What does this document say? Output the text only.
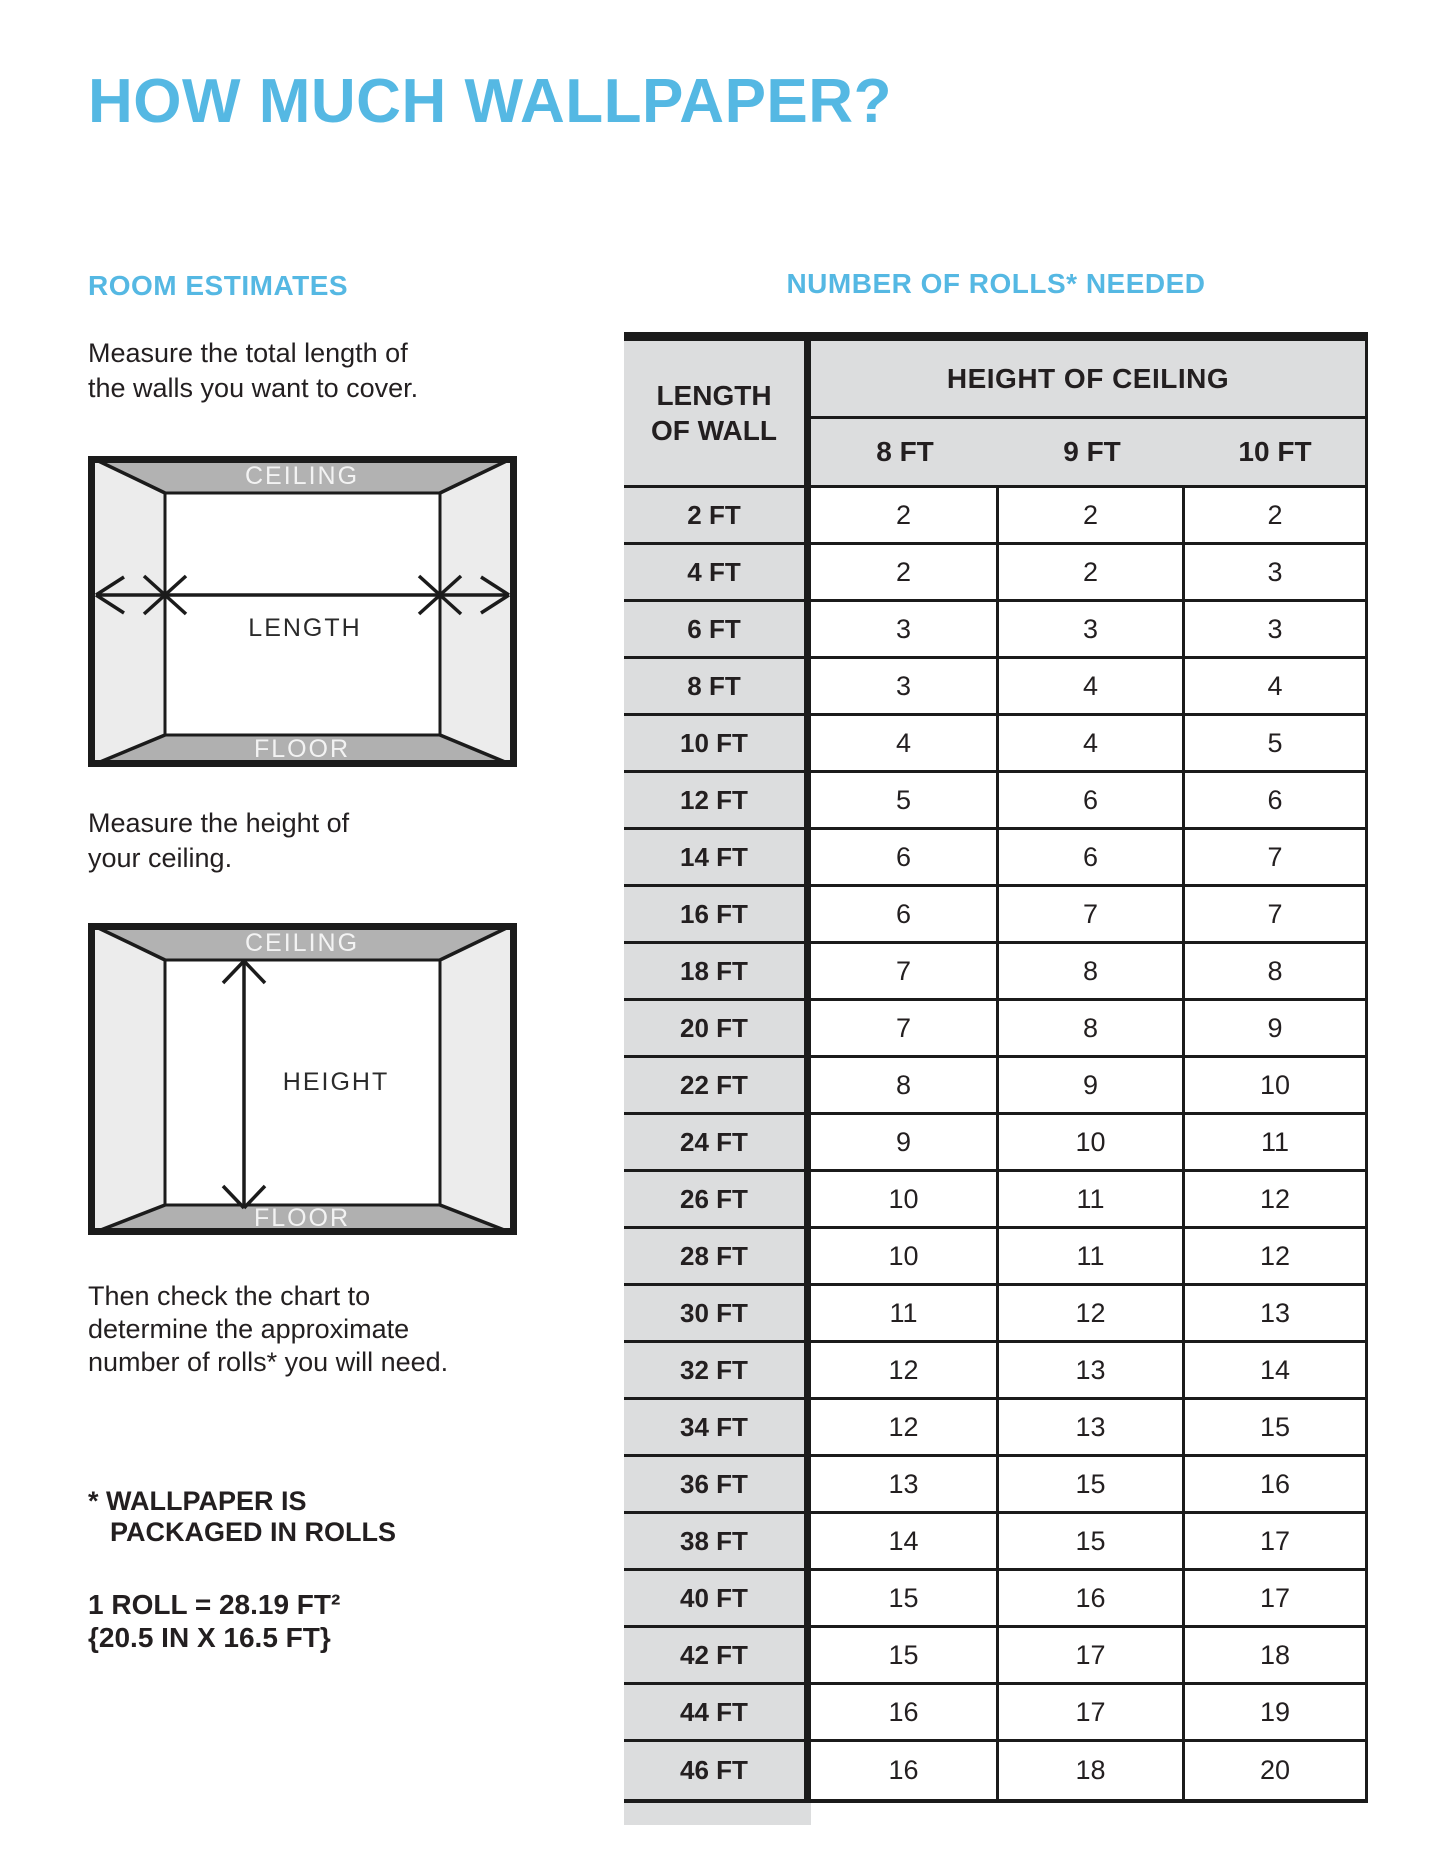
HOW MUCH WALLPAPER?
ROOM ESTIMATES
Measure the total length of
the walls you want to cover.
CEILING
FLOOR
LENGTH
Measure the height of
your ceiling.
CEILING
FLOOR
HEIGHT
Then check the chart to
determine the approximate
number of rolls* you will need.
* WALLPAPER IS
PACKAGED IN ROLLS
1 ROLL = 28.19 FT²
{20.5 IN X 16.5 FT}
NUMBER OF ROLLS* NEEDED
LENGTH
OF WALL
HEIGHT OF CEILING
8 FT	9 FT	10 FT
2 FT	2	2	2
4 FT	2	2	3
6 FT	3	3	3
8 FT	3	4	4
10 FT	4	4	5
12 FT	5	6	6
14 FT	6	6	7
16 FT	6	7	7
18 FT	7	8	8
20 FT	7	8	9
22 FT	8	9	10
24 FT	9	10	11
26 FT	10	11	12
28 FT	10	11	12
30 FT	11	12	13
32 FT	12	13	14
34 FT	12	13	15
36 FT	13	15	16
38 FT	14	15	17
40 FT	15	16	17
42 FT	15	17	18
44 FT	16	17	19
46 FT	16	18	20
